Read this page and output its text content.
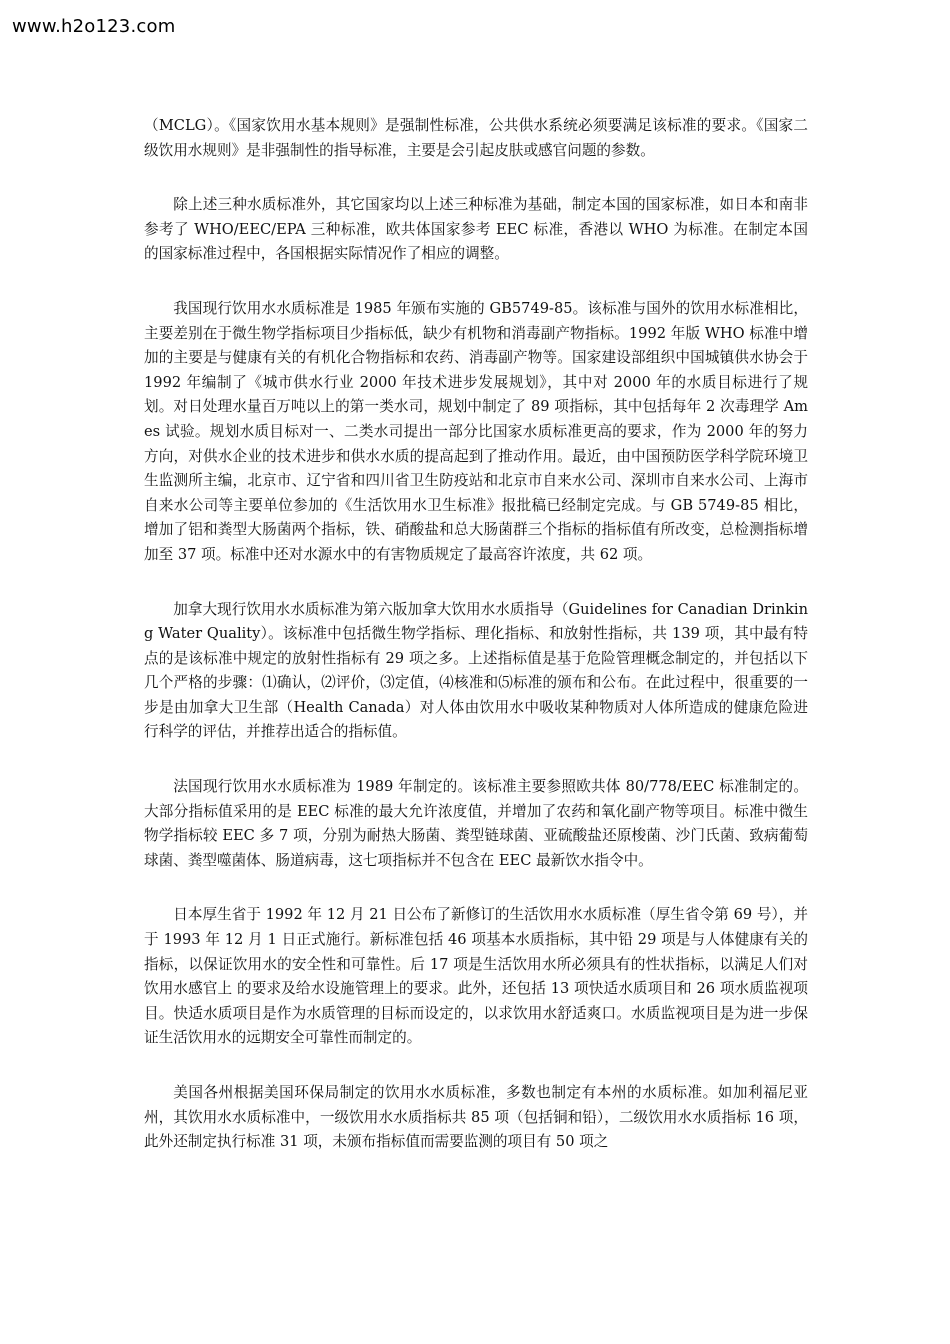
www.h2o123.com

（MCLG）。《国家饮用水基本规则》是强制性标准，公共供水系统必须要满足该标准的要求。《国家二级饮用水规则》是非强制性的指导标准，主要是会引起皮肤或感官问题的参数。

除上述三种水质标准外，其它国家均以上述三种标准为基础，制定本国的国家标准，如日本和南非参考了 WHO/EEC/EPA 三种标准，欧共体国家参考 EEC 标准，香港以 WHO 为标准。在制定本国的国家标准过程中，各国根据实际情况作了相应的调整。

我国现行饮用水水质标准是 1985 年颁布实施的 GB5749-85。该标准与国外的饮用水标准相比，主要差别在于微生物学指标项目少指标低，缺少有机物和消毒副产物指标。1992 年版 WHO 标准中增加的主要是与健康有关的有机化合物指标和农药、消毒副产物等。国家建设部组织中国城镇供水协会于 1992 年编制了《城市供水行业 2000 年技术进步发展规划》，其中对 2000 年的水质目标进行了规划。对日处理水量百万吨以上的第一类水司，规划中制定了 89 项指标，其中包括每年 2 次毒理学 Ames 试验。规划水质目标对一、二类水司提出一部分比国家水质标准更高的要求，作为 2000 年的努力方向，对供水企业的技术进步和供水水质的提高起到了推动作用。最近，由中国预防医学科学院环境卫生监测所主编，北京市、辽宁省和四川省卫生防疫站和北京市自来水公司、深圳市自来水公司、上海市自来水公司等主要单位参加的《生活饮用水卫生标准》报批稿已经制定完成。与 GB 5749-85 相比，增加了铝和粪型大肠菌两个指标，铁、硝酸盐和总大肠菌群三个指标的指标值有所改变，总检测指标增加至 37 项。标准中还对水源水中的有害物质规定了最高容许浓度，共 62 项。

加拿大现行饮用水水质标准为第六版加拿大饮用水水质指导（Guidelines for Canadian Drinking Water Quality）。该标准中包括微生物学指标、理化指标、和放射性指标，共 139 项，其中最有特点的是该标准中规定的放射性指标有 29 项之多。上述指标值是基于危险管理概念制定的，并包括以下几个严格的步骤：⑴确认，⑵评价，⑶定值，⑷核准和⑸标准的颁布和公布。在此过程中，很重要的一步是由加拿大卫生部（Health Canada）对人体由饮用水中吸收某种物质对人体所造成的健康危险进行科学的评估，并推荐出适合的指标值。

法国现行饮用水水质标准为 1989 年制定的。该标准主要参照欧共体 80/778/EEC 标准制定的。大部分指标值采用的是 EEC 标准的最大允许浓度值，并增加了农药和氧化副产物等项目。标准中微生物学指标较 EEC 多 7 项，分别为耐热大肠菌、粪型链球菌、亚硫酸盐还原梭菌、沙门氏菌、致病葡萄球菌、粪型噬菌体、肠道病毒，这七项指标并不包含在 EEC 最新饮水指令中。

日本厚生省于 1992 年 12 月 21 日公布了新修订的生活饮用水水质标准（厚生省令第 69 号），并于 1993 年 12 月 1 日正式施行。新标准包括 46 项基本水质指标，其中铅 29 项是与人体健康有关的指标，以保证饮用水的安全性和可靠性。后 17 项是生活饮用水所必须具有的性状指标，以满足人们对饮用水感官上 的要求及给水设施管理上的要求。此外，还包括 13 项快适水质项目和 26 项水质监视项目。快适水质项目是作为水质管理的目标而设定的，以求饮用水舒适爽口。水质监视项目是为进一步保证生活饮用水的远期安全可靠性而制定的。

美国各州根据美国环保局制定的饮用水水质标准，多数也制定有本州的水质标准。如加利福尼亚州，其饮用水水质标准中，一级饮用水水质指标共 85 项（包括铜和铅），二级饮用水水质指标 16 项，此外还制定执行标准 31 项，未颁布指标值而需要监测的项目有 50 项之
